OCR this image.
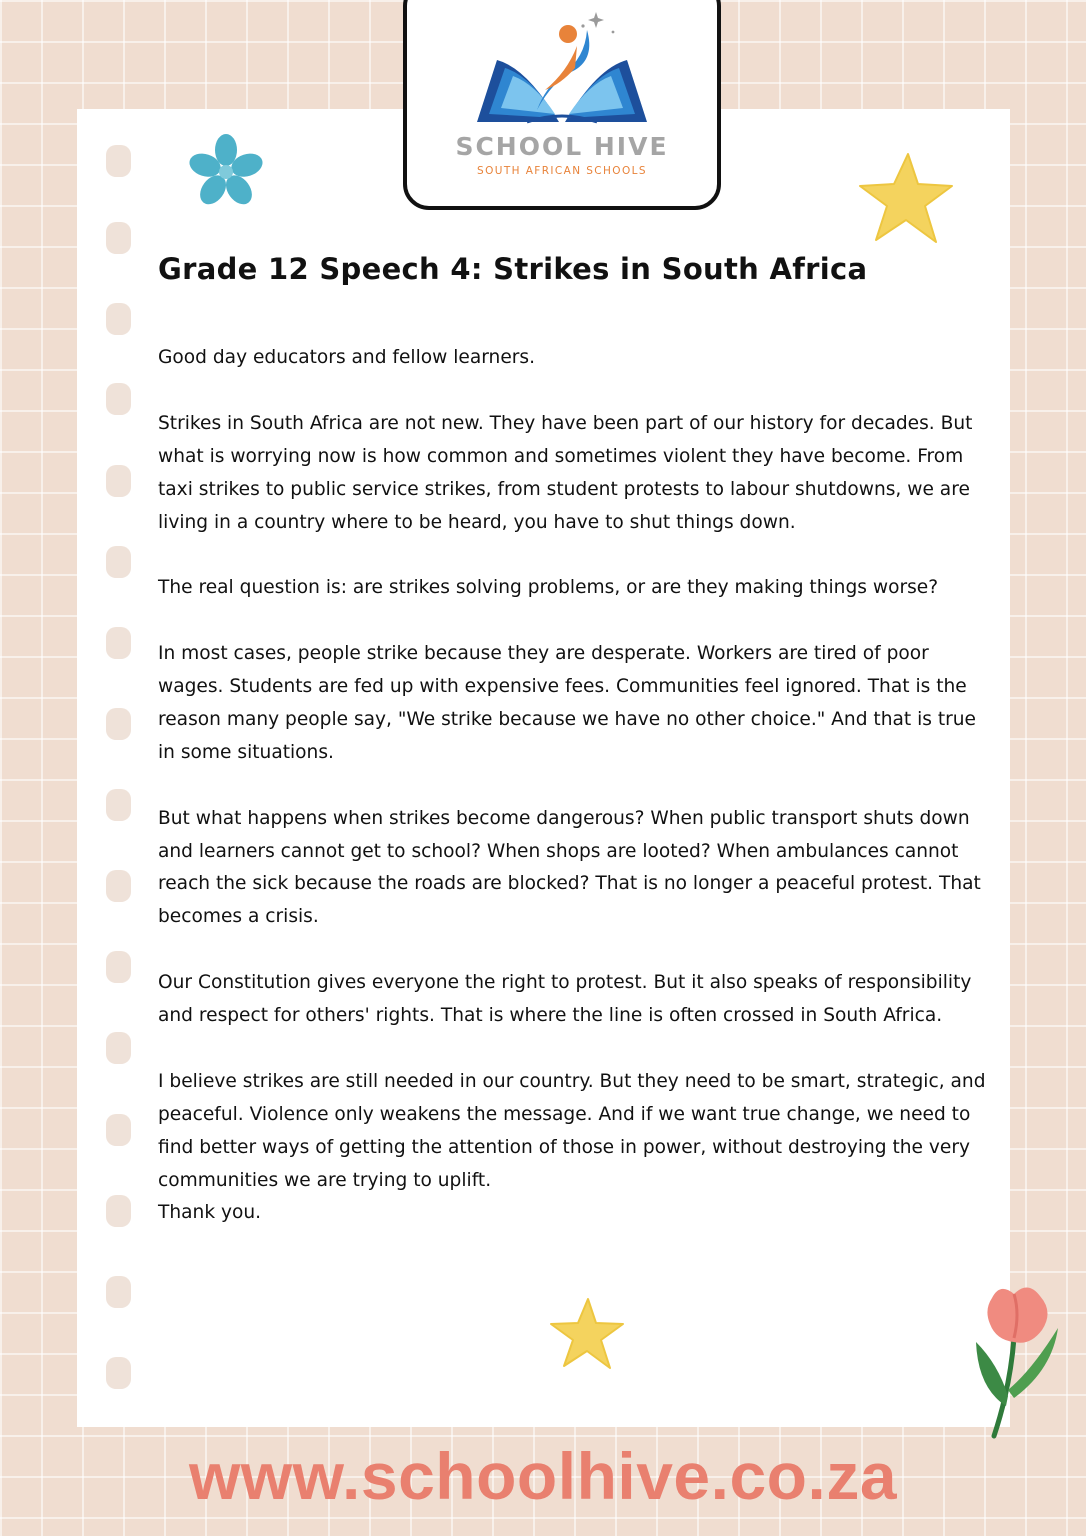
SCHOOL HIVE
SOUTH AFRICAN SCHOOLS
Grade 12 Speech 4: Strikes in South Africa

Good day educators and fellow learners.

Strikes in South Africa are not new. They have been part of our history for decades. But what is worrying now is how common and sometimes violent they have become. From taxi strikes to public service strikes, from student protests to labour shutdowns, we are living in a country where to be heard, you have to shut things down.

The real question is: are strikes solving problems, or are they making things worse?

In most cases, people strike because they are desperate. Workers are tired of poor wages. Students are fed up with expensive fees. Communities feel ignored. That is the reason many people say, "We strike because we have no other choice." And that is true in some situations.

But what happens when strikes become dangerous? When public transport shuts down and learners cannot get to school? When shops are looted? When ambulances cannot reach the sick because the roads are blocked? That is no longer a peaceful protest. That becomes a crisis.

Our Constitution gives everyone the right to protest. But it also speaks of responsibility and respect for others' rights. That is where the line is often crossed in South Africa.

I believe strikes are still needed in our country. But they need to be smart, strategic, and peaceful. Violence only weakens the message. And if we want true change, we need to find better ways of getting the attention of those in power, without destroying the very communities we are trying to uplift.

Thank you.
www.schoolhive.co.za
